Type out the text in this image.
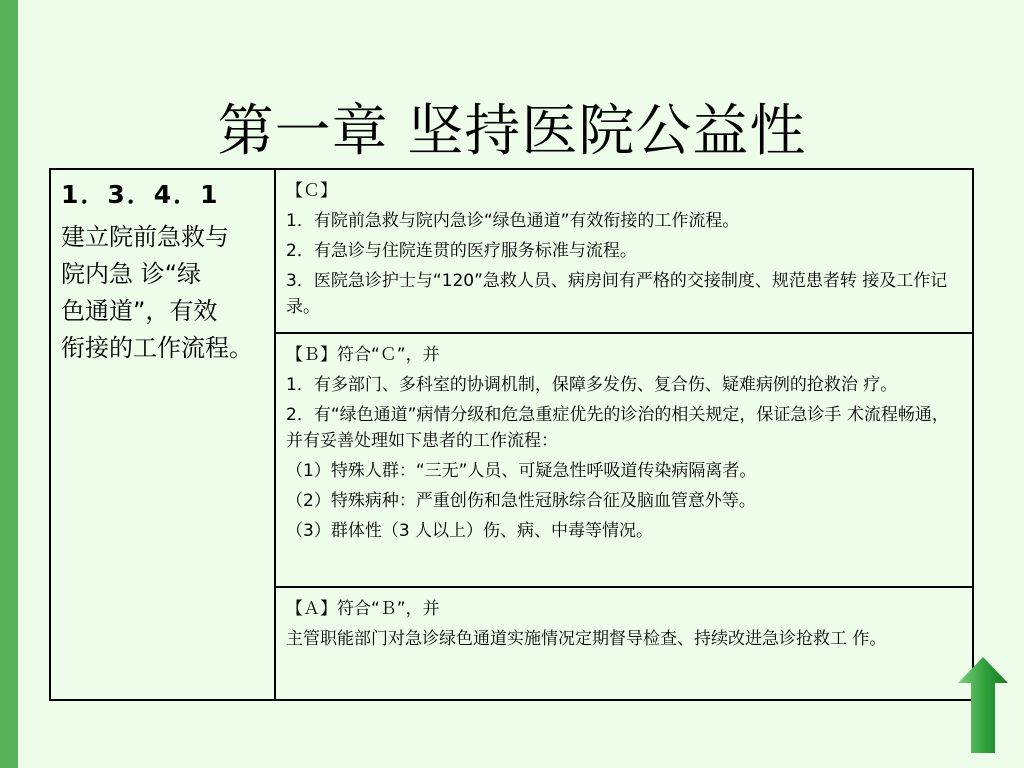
第一章 坚持医院公益性
1．3．4．1
建立院前急救与
院内急 诊“绿
色通道”，有效
衔接的工作流程。

【Ｃ】

1．有院前急救与院内急诊“绿色通道”有效衔接的工作流程。

2．有急诊与住院连贯的医疗服务标准与流程。

3．医院急诊护士与“120”急救人员、病房间有严格的交接制度、规范患者转 接及工作记录。

【Ｂ】符合“Ｃ”，并

1．有多部门、多科室的协调机制，保障多发伤、复合伤、疑难病例的抢救治 疗。

2．有“绿色通道”病情分级和危急重症优先的诊治的相关规定，保证急诊手 术流程畅通，并有妥善处理如下患者的工作流程：

（1）特殊人群：“三无”人员、可疑急性呼吸道传染病隔离者。

（2）特殊病种：严重创伤和急性冠脉综合征及脑血管意外等。

（3）群体性（3 人以上）伤、病、中毒等情况。

【Ａ】符合“Ｂ”，并

主管职能部门对急诊绿色通道实施情况定期督导检查、持续改进急诊抢救工 作。
